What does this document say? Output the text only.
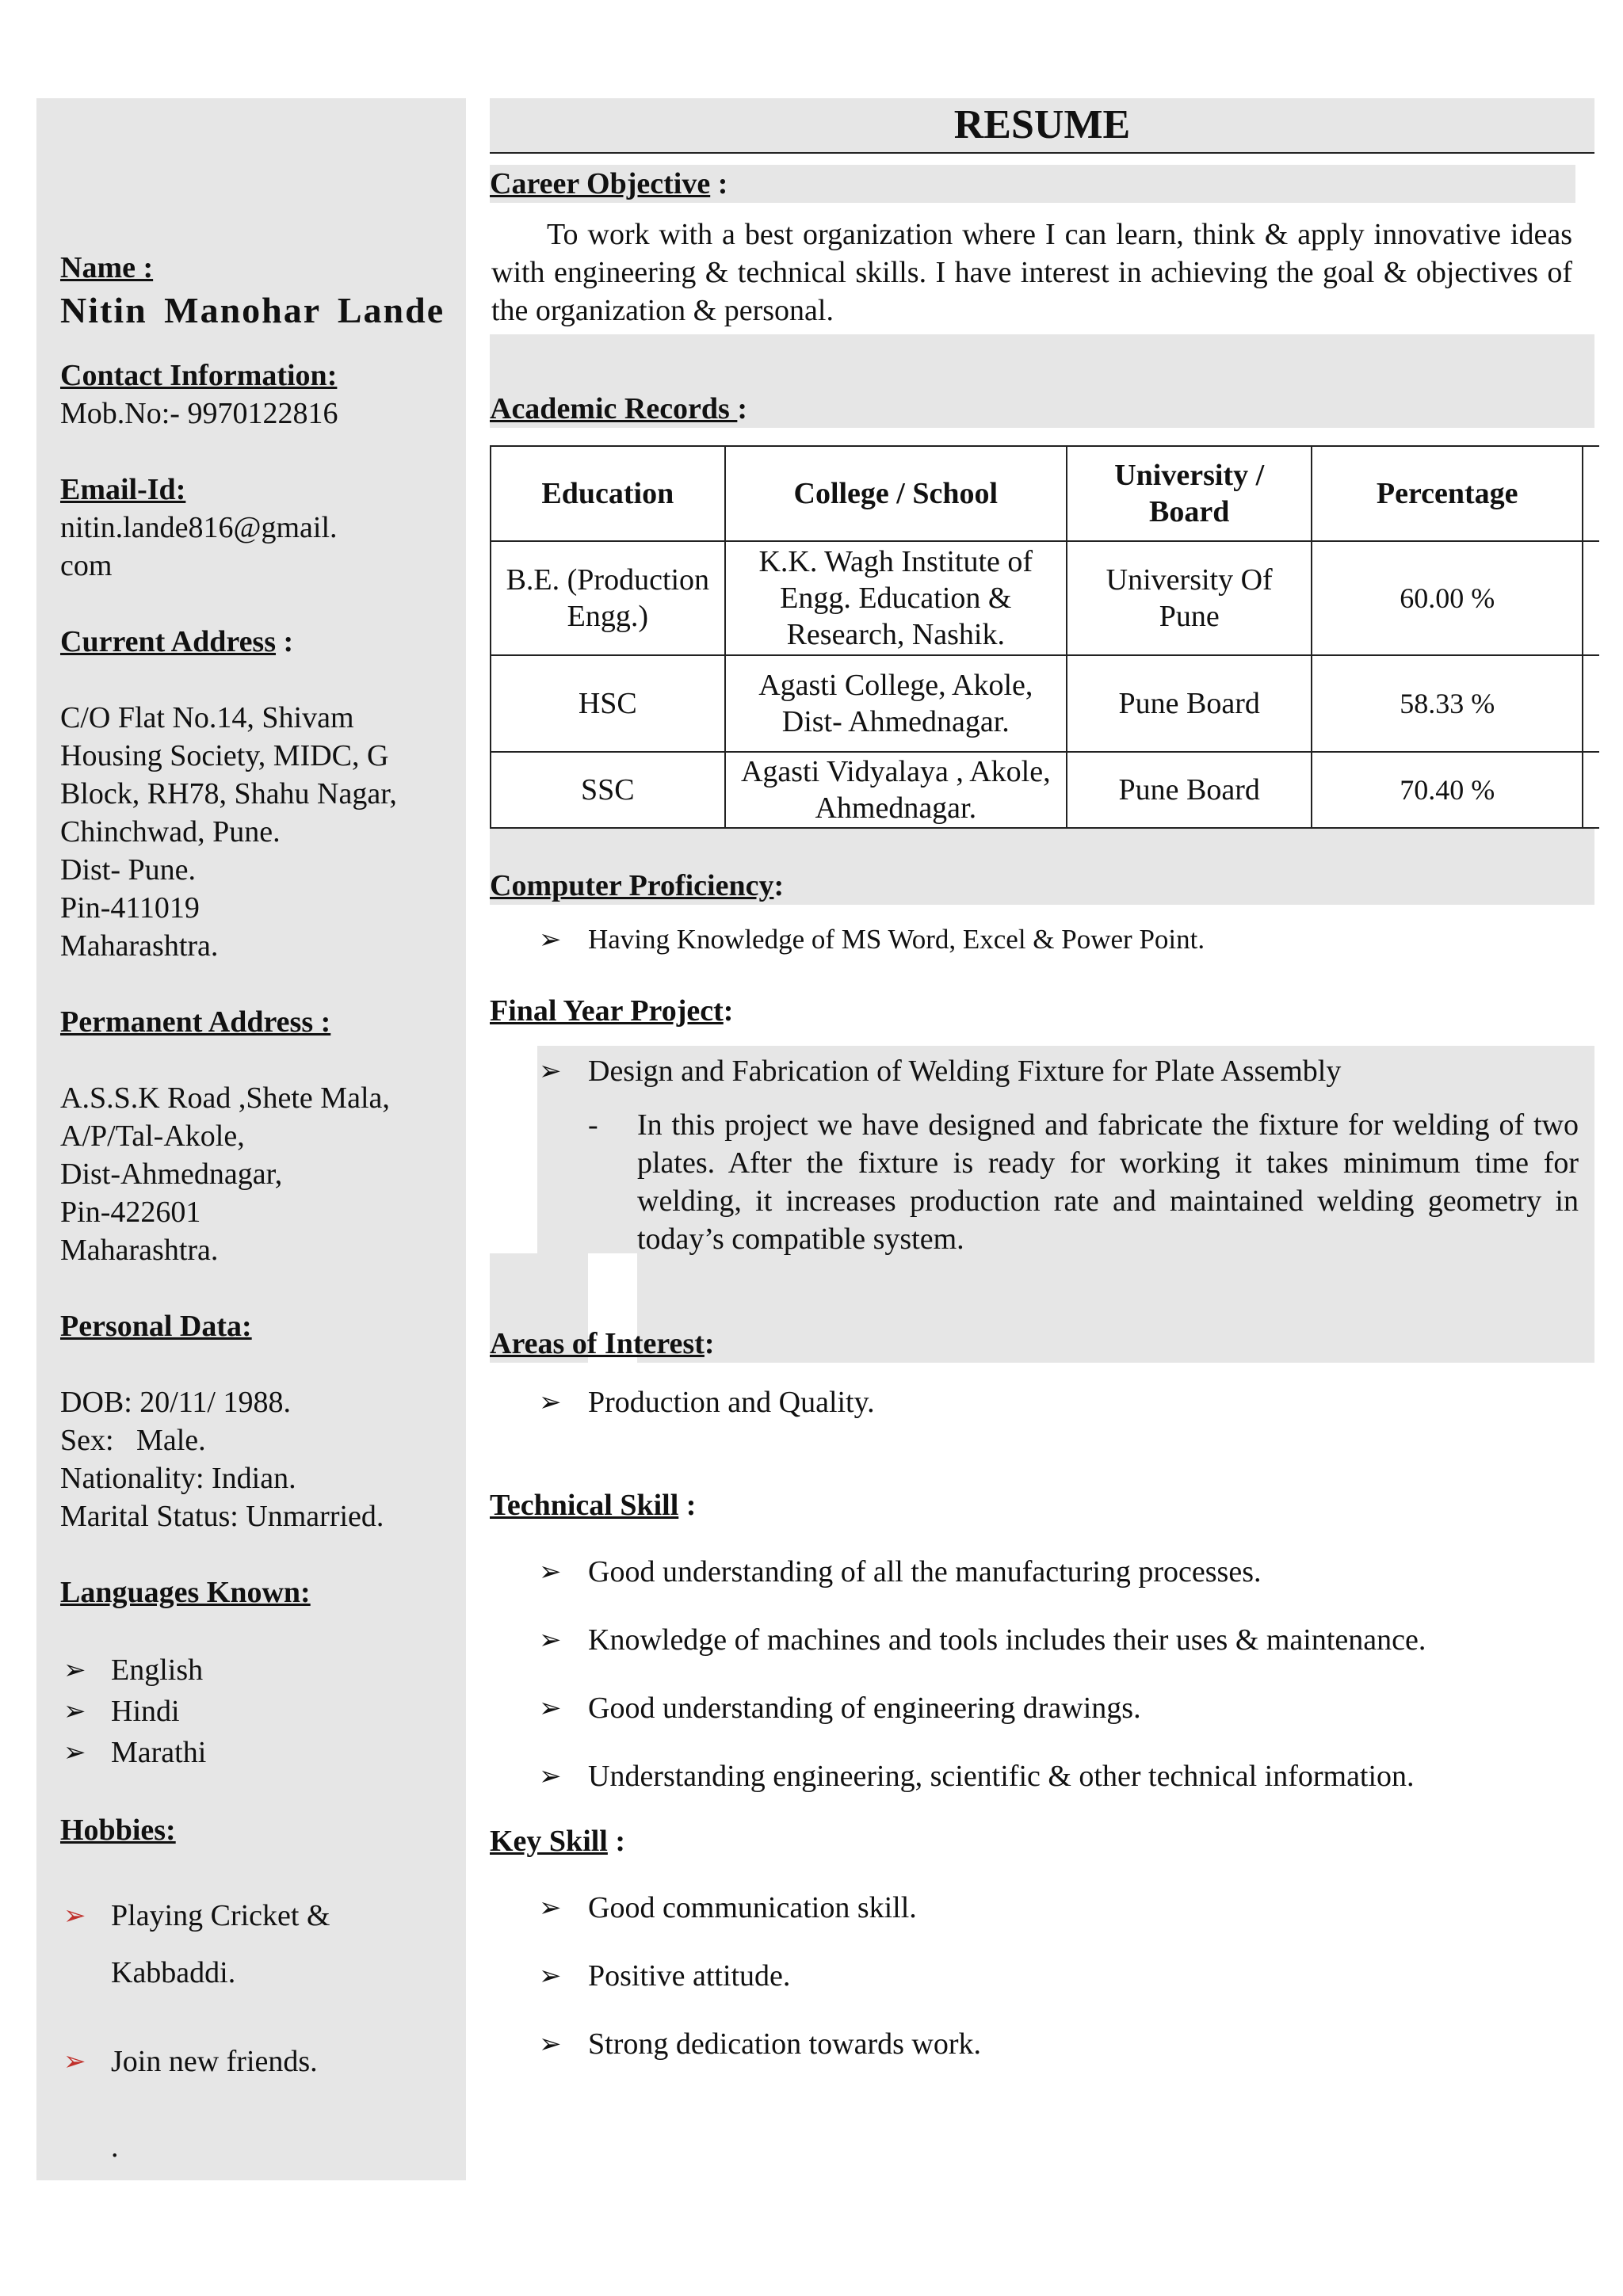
Name :
Nitin Manohar Lande
Contact Information:
Mob.No:- 9970122816
Email-Id:
nitin.lande816@gmail.
com
Current Address :
C/O Flat No.14, Shivam
Housing Society, MIDC, G
Block, RH78, Shahu Nagar,
Chinchwad, Pune.
Dist- Pune.
Pin-411019
Maharashtra.
Permanent Address :
A.S.S.K Road ,Shete Mala,
A/P/Tal-Akole,
Dist-Ahmednagar,
Pin-422601
Maharashtra.
Personal Data:
DOB: 20/11/ 1988.
Sex:   Male.
Nationality: Indian.
Marital Status: Unmarried.
Languages Known:
➢ English
➢ Hindi
➢ Marathi
Hobbies:
➢ Playing Cricket &
Kabbaddi.
➢ Join new friends.
.
RESUME
Career Objective :
To work with a best organization where I can learn, think & apply innovative ideas with engineering & technical skills. I have interest in achieving the goal & objectives of the organization & personal.
Academic Records :
Education	College / School	University / Board	Percentage	
B.E. (Production Engg.)	K.K. Wagh Institute of Engg. Education & Research, Nashik.	University Of Pune	60.00 %	
HSC	Agasti College, Akole, Dist- Ahmednagar.	Pune Board	58.33 %	
SSC	Agasti Vidyalaya , Akole, Ahmednagar.	Pune Board	70.40 %	
Computer Proficiency:
➢ Having Knowledge of MS Word, Excel & Power Point.
Final Year Project:
➢ Design and Fabrication of Welding Fixture for Plate Assembly
- In this project we have designed and fabricate the fixture for welding of two plates. After the fixture is ready for working it takes minimum time for welding, it increases production rate and maintained welding geometry in today’s compatible system.
Areas of Interest:
➢ Production and Quality.
Technical Skill :
➢ Good understanding of all the manufacturing processes.
➢ Knowledge of machines and tools includes their uses & maintenance.
➢ Good understanding of engineering drawings.
➢ Understanding engineering, scientific & other technical information.
Key Skill :
➢ Good communication skill.
➢ Positive attitude.
➢ Strong dedication towards work.
